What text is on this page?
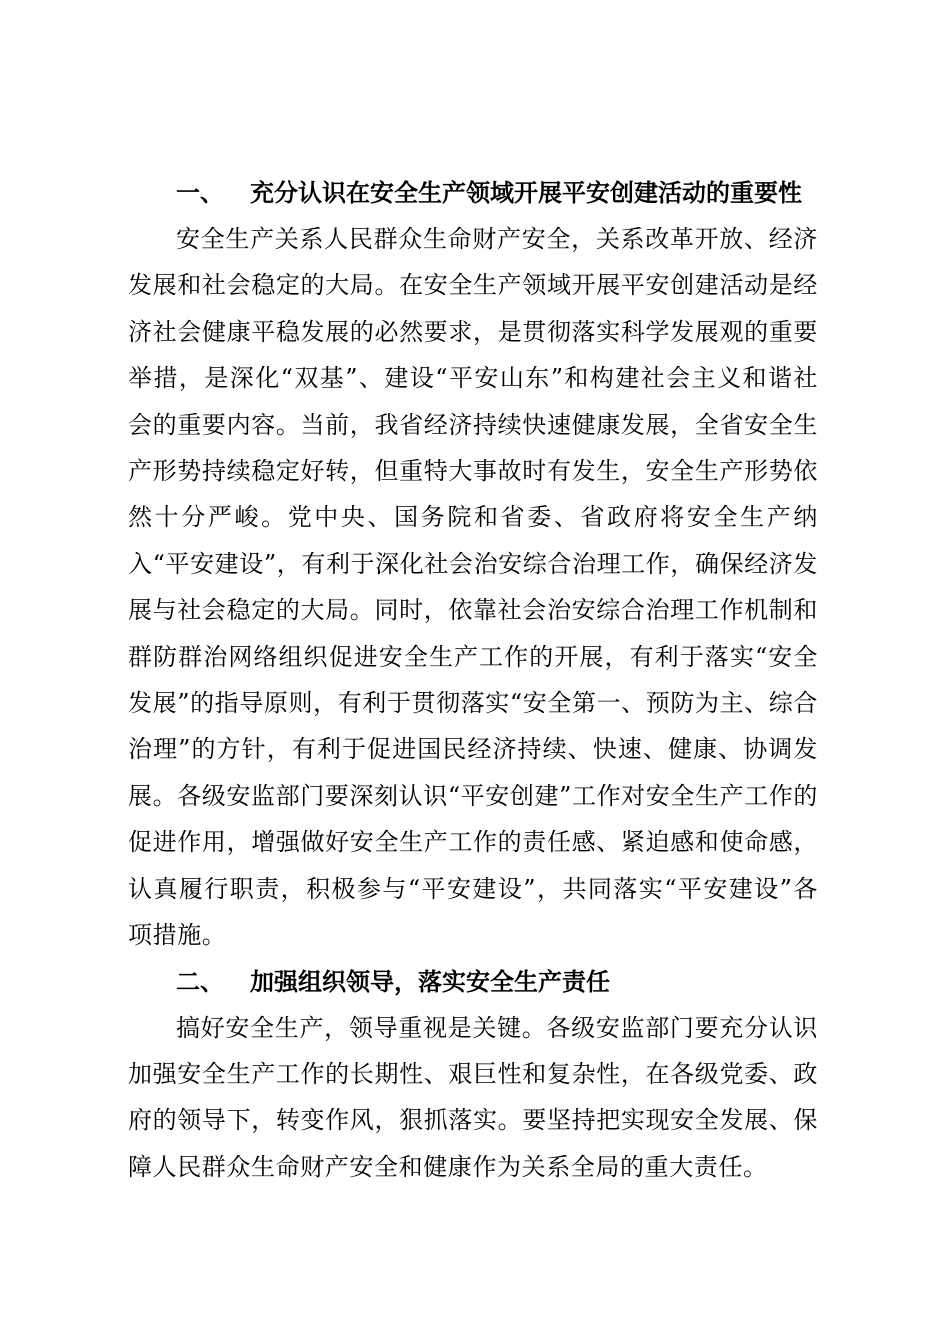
一、 充分认识在安全生产领域开展平安创建活动的重要性

安全生产关系人民群众生命财产安全，关系改革开放、经济发展和社会稳定的大局。在安全生产领域开展平安创建活动是经济社会健康平稳发展的必然要求，是贯彻落实科学发展观的重要举措，是深化“双基”、建设“平安山东”和构建社会主义和谐社会的重要内容。当前，我省经济持续快速健康发展，全省安全生产形势持续稳定好转，但重特大事故时有发生，安全生产形势依然十分严峻。党中央、国务院和省委、省政府将安全生产纳入“平安建设”，有利于深化社会治安综合治理工作，确保经济发展与社会稳定的大局。同时，依靠社会治安综合治理工作机制和群防群治网络组织促进安全生产工作的开展，有利于落实“安全发展”的指导原则，有利于贯彻落实“安全第一、预防为主、综合治理”的方针，有利于促进国民经济持续、快速、健康、协调发展。各级安监部门要深刻认识“平安创建”工作对安全生产工作的促进作用，增强做好安全生产工作的责任感、紧迫感和使命感，认真履行职责，积极参与“平安建设”，共同落实“平安建设”各项措施。

二、 加强组织领导，落实安全生产责任

搞好安全生产，领导重视是关键。各级安监部门要充分认识加强安全生产工作的长期性、艰巨性和复杂性，在各级党委、政府的领导下，转变作风，狠抓落实。要坚持把实现安全发展、保障人民群众生命财产安全和健康作为关系全局的重大责任。
